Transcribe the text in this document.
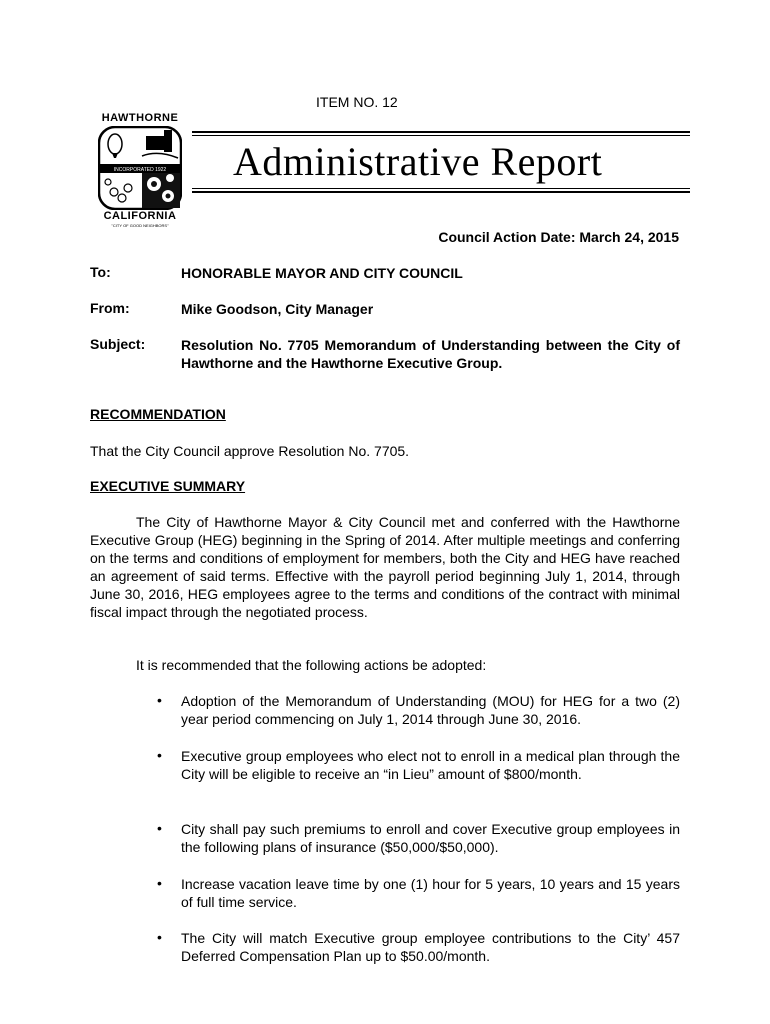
ITEM NO. 12
HAWTHORNE
INCORPORATED 1922
CALIFORNIA
"CITY OF GOOD NEIGHBORS"
Administrative Report
Council Action Date: March 24, 2015
To:	HONORABLE MAYOR AND CITY COUNCIL
From:	Mike Goodson, City Manager
Subject:	Resolution No. 7705 Memorandum of Understanding between the City of Hawthorne and the Hawthorne Executive Group.
RECOMMENDATION
That the City Council approve Resolution No. 7705.
EXECUTIVE SUMMARY
The City of Hawthorne Mayor & City Council met and conferred with the Hawthorne Executive Group (HEG) beginning in the Spring of 2014. After multiple meetings and conferring on the terms and conditions of employment for members, both the City and HEG have reached an agreement of said terms. Effective with the payroll period beginning July 1, 2014, through June 30, 2016, HEG employees agree to the terms and conditions of the contract with minimal fiscal impact through the negotiated process.
It is recommended that the following actions be adopted:
• Adoption of the Memorandum of Understanding (MOU) for HEG for a two (2) year period commencing on July 1, 2014 through June 30, 2016.
• Executive group employees who elect not to enroll in a medical plan through the City will be eligible to receive an “in Lieu” amount of $800/month.
• City shall pay such premiums to enroll and cover Executive group employees in the following plans of insurance ($50,000/$50,000).
• Increase vacation leave time by one (1) hour for 5 years, 10 years and 15 years of full time service.
• The City will match Executive group employee contributions to the City’ 457 Deferred Compensation Plan up to $50.00/month.
